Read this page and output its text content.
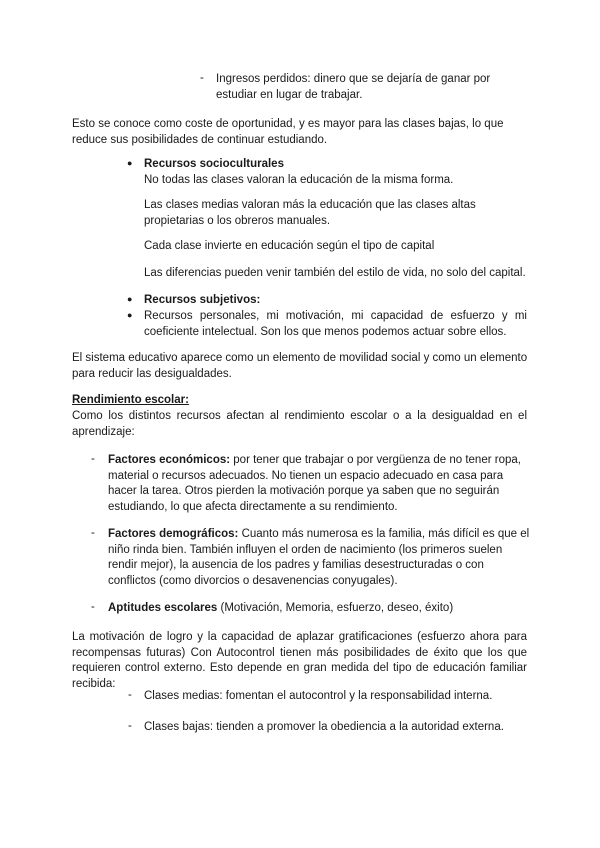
- Ingresos perdidos: dinero que se dejaría de ganar por estudiar en lugar de trabajar.

Esto se conoce como coste de oportunidad, y es mayor para las clases bajas, lo que reduce sus posibilidades de continuar estudiando.

● Recursos socioculturales

No todas las clases valoran la educación de la misma forma.

Las clases medias valoran más la educación que las clases altas propietarias o los obreros manuales.

Cada clase invierte en educación según el tipo de capital

Las diferencias pueden venir también del estilo de vida, no solo del capital.

● Recursos subjetivos:

● Recursos personales, mi motivación, mi capacidad de esfuerzo y mi coeficiente intelectual. Son los que menos podemos actuar sobre ellos.

El sistema educativo aparece como un elemento de movilidad social y como un elemento para reducir las desigualdades.

Rendimiento escolar:

Como los distintos recursos afectan al rendimiento escolar o a la desigualdad en el aprendizaje:

- Factores económicos: por tener que trabajar o por vergüenza de no tener ropa, material o recursos adecuados. No tienen un espacio adecuado en casa para hacer la tarea. Otros pierden la motivación porque ya saben que no seguirán estudiando, lo que afecta directamente a su rendimiento.

- Factores demográficos: Cuanto más numerosa es la familia, más difícil es que el niño rinda bien. También influyen el orden de nacimiento (los primeros suelen rendir mejor), la ausencia de los padres y familias desestructuradas o con conflictos (como divorcios o desavenencias conyugales).

- Aptitudes escolares (Motivación, Memoria, esfuerzo, deseo, éxito)

La motivación de logro y la capacidad de aplazar gratificaciones (esfuerzo ahora para recompensas futuras) Con Autocontrol tienen más posibilidades de éxito que los que requieren control externo. Esto depende en gran medida del tipo de educación familiar recibida:

- Clases medias: fomentan el autocontrol y la responsabilidad interna.

- Clases bajas: tienden a promover la obediencia a la autoridad externa.
